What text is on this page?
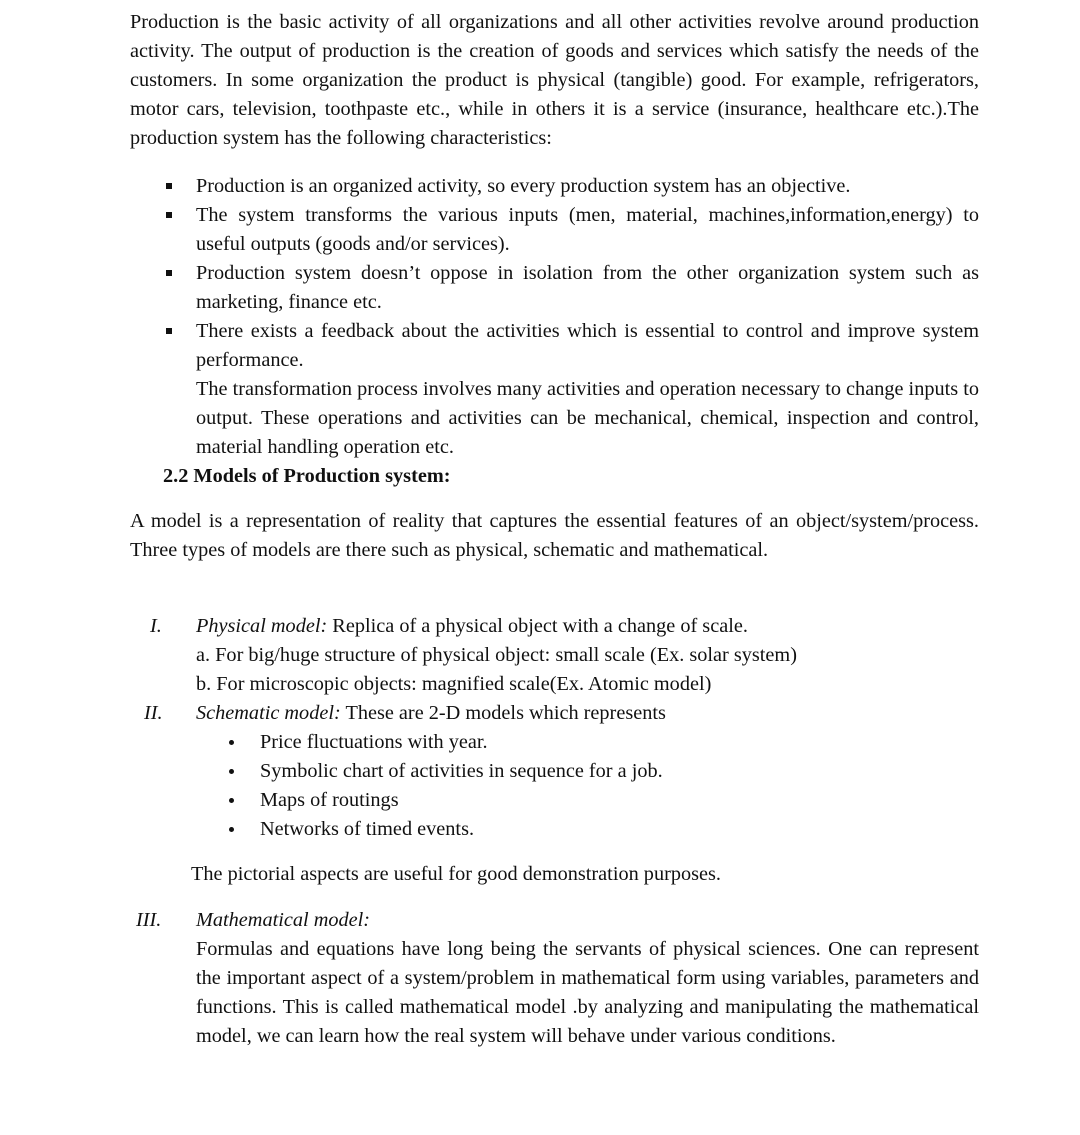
Production is the basic activity of all organizations and all other activities revolve around production activity. The output of production is the creation of goods and services which satisfy the needs of the customers. In some organization the product is physical (tangible) good. For example, refrigerators, motor cars, television, toothpaste etc., while in others it is a service (insurance, healthcare etc.).The production system has the following characteristics:
Production is an organized activity, so every production system has an objective.
The system transforms the various inputs (men, material, machines,information,energy) to useful outputs (goods and/or services).
Production system doesn’t oppose in isolation from the other organization system such as marketing, finance etc.
There exists a feedback about the activities which is essential to control and improve system performance.
The transformation process involves many activities and operation necessary to change inputs to output. These operations and activities can be mechanical, chemical, inspection and control, material handling operation etc.
2.2 Models of Production system:
A model is a representation of reality that captures the essential features of an object/system/process. Three types of models are there such as physical, schematic and mathematical.
I.	Physical model: Replica of a physical object with a change of scale.
a. For big/huge structure of physical object: small scale (Ex. solar system)
b. For microscopic objects: magnified scale(Ex. Atomic model)
II.	Schematic model: These are 2-D models which represents
Price fluctuations with year.
Symbolic chart of activities in sequence for a job.
Maps of routings
Networks of timed events.
The pictorial aspects are useful for good demonstration purposes.
III.	Mathematical model:
Formulas and equations have long being the servants of physical sciences. One can represent the important aspect of a system/problem in mathematical form using variables, parameters and functions. This is called mathematical model .by analyzing and manipulating the mathematical model, we can learn how the real system will behave under various conditions.
